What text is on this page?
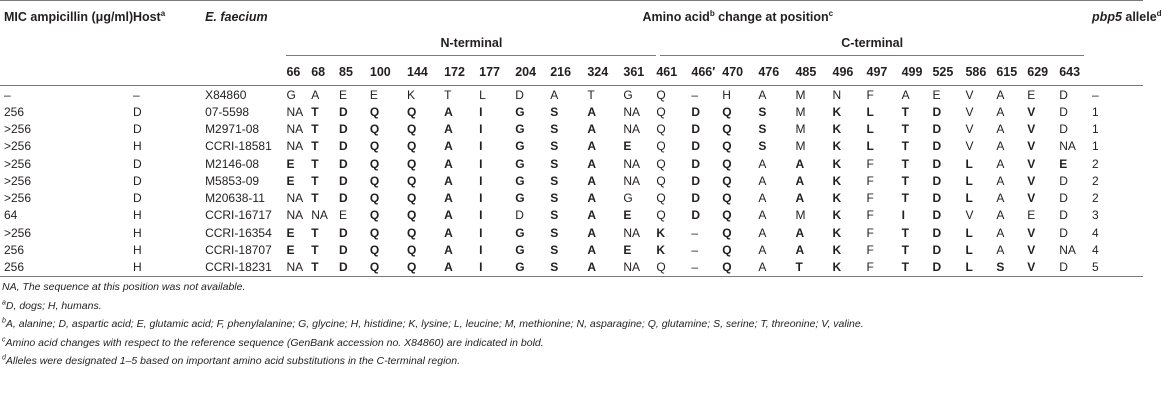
MIC ampicillin (μg/ml)	Host$^a$	E. faecium	Amino acid$^b$ change at position$^c$																								pbp5 allele$^d$

			N-terminal											C-terminal													

			66	68	85	100	144	172	177	204	216	324	361	461	466′	470	476	485	496	497	499	525	586	615	629	643	
–	–	X84860	G	A	E	E	K	T	L	D	A	T	G	Q	–	H	A	M	N	F	A	E	V	A	E	D	–
256	D	07-5598	NA	T	D	Q	Q	A	I	G	S	A	NA	Q	D	Q	S	M	K	L	T	D	V	A	V	D	1
>256	D	M2971-08	NA	T	D	Q	Q	A	I	G	S	A	NA	Q	D	Q	S	M	K	L	T	D	V	A	V	D	1
>256	H	CCRI-18581	NA	T	D	Q	Q	A	I	G	S	A	E	Q	D	Q	S	M	K	L	T	D	V	A	V	NA	1
>256	D	M2146-08	E	T	D	Q	Q	A	I	G	S	A	NA	Q	D	Q	A	A	K	F	T	D	L	A	V	E	2
>256	D	M5853-09	E	T	D	Q	Q	A	I	G	S	A	NA	Q	D	Q	A	A	K	F	T	D	L	A	V	D	2
>256	D	M20638-11	NA	T	D	Q	Q	A	I	G	S	A	G	Q	D	Q	A	A	K	F	T	D	L	A	V	D	2
64	H	CCRI-16717	NA	NA	E	Q	Q	A	I	D	S	A	E	Q	D	Q	A	M	K	F	I	D	V	A	E	D	3
>256	H	CCRI-16354	E	T	D	Q	Q	A	I	G	S	A	NA	K	–	Q	A	A	K	F	T	D	L	A	V	D	4
256	H	CCRI-18707	E	T	D	Q	Q	A	I	G	S	A	E	K	–	Q	A	A	K	F	T	D	L	A	V	NA	4
256	H	CCRI-18231	NA	T	D	Q	Q	A	I	G	S	A	NA	Q	–	Q	A	T	K	F	T	D	L	S	V	D	5
NA, The sequence at this position was not available.
$^a$D, dogs; H, humans.
$^b$A, alanine; D, aspartic acid; E, glutamic acid; F, phenylalanine; G, glycine; H, histidine; K, lysine; L, leucine; M, methionine; N, asparagine; Q, glutamine; S, serine; T, threonine; V, valine.
$^c$Amino acid changes with respect to the reference sequence (GenBank accession no. X84860) are indicated in bold.
$^d$Alleles were designated 1–5 based on important amino acid substitutions in the C-terminal region.
